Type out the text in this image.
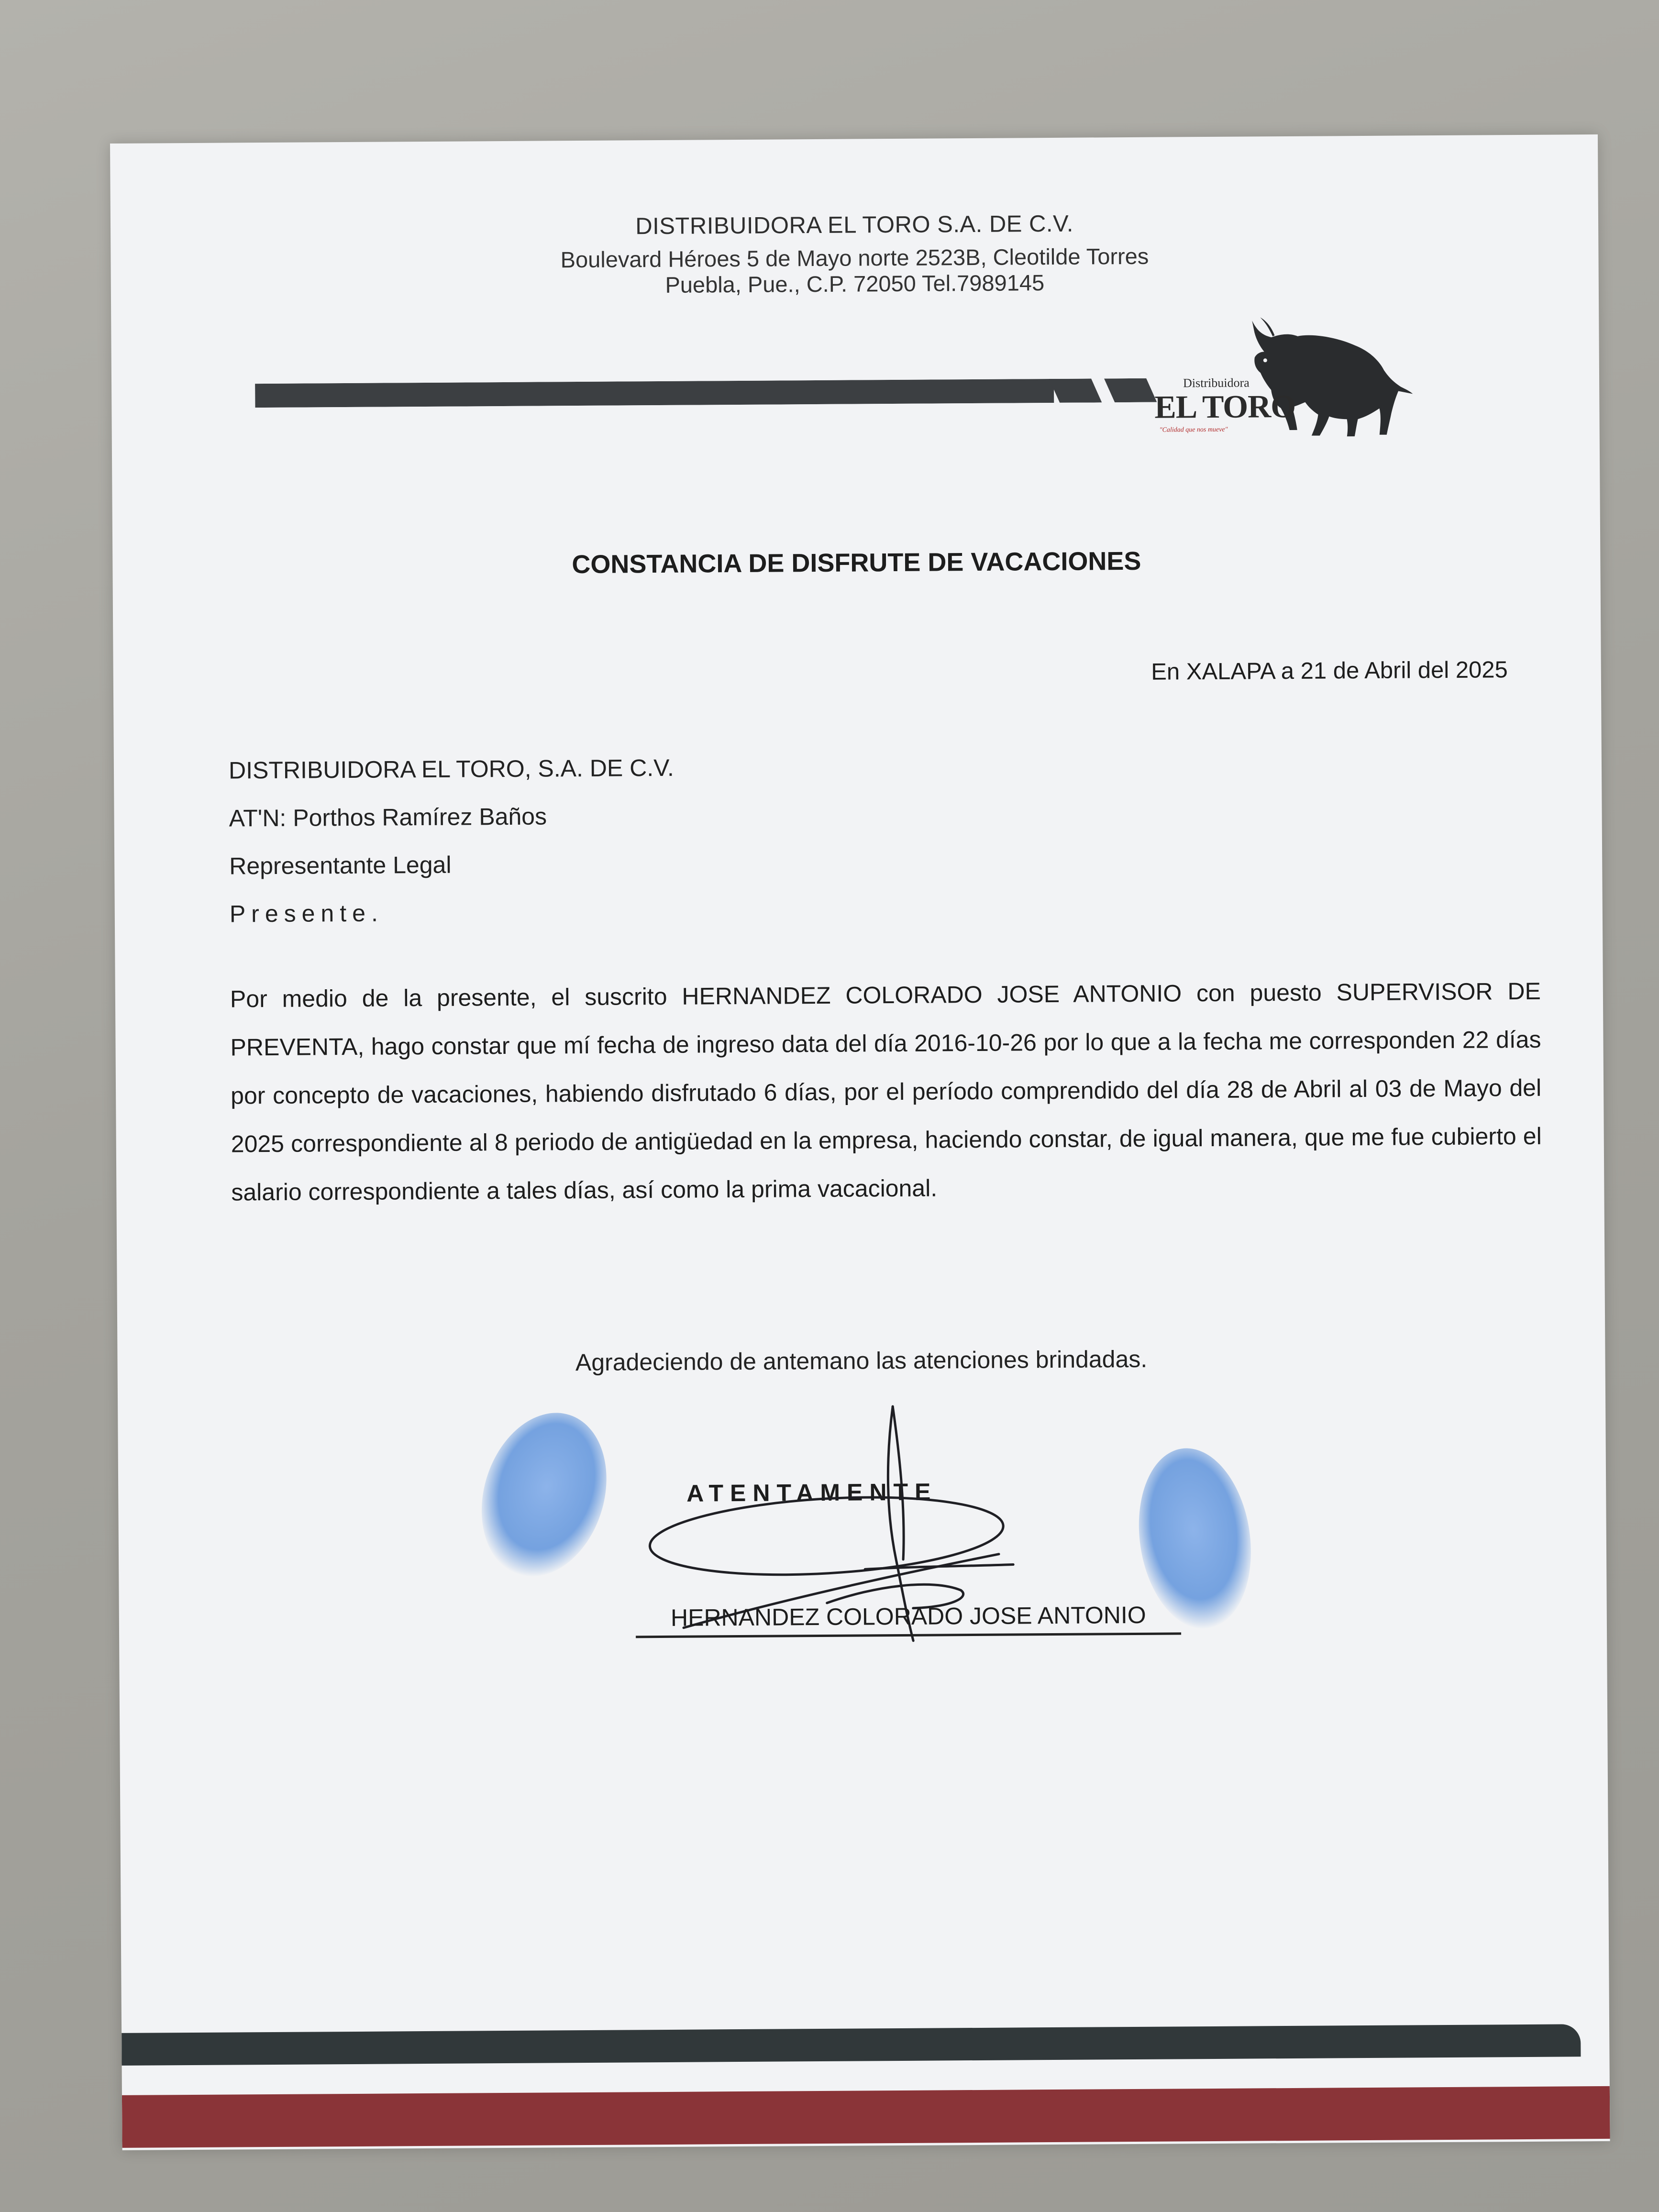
DISTRIBUIDORA EL TORO S.A. DE C.V.
Boulevard Héroes 5 de Mayo norte 2523B, Cleotilde Torres
Puebla, Pue., C.P. 72050 Tel.7989145
Distribuidora
EL TORO
"Calidad que nos mueve"
CONSTANCIA DE DISFRUTE DE VACACIONES
En XALAPA a 21 de Abril del 2025
DISTRIBUIDORA EL TORO, S.A. DE C.V.
AT'N: Porthos Ramírez Baños
Representante Legal
Presente.
Por medio de la presente, el suscrito HERNANDEZ COLORADO JOSE ANTONIO con puesto SUPERVISOR DE PREVENTA, hago constar que mí fecha de ingreso data del día 2016-10-26 por lo que a la fecha me corresponden 22 días por concepto de vacaciones, habiendo disfrutado 6 días, por el período comprendido del día 28 de Abril al 03 de Mayo del 2025 correspondiente al 8 periodo de antigüedad en la empresa, haciendo constar, de igual manera, que me fue cubierto el salario correspondiente a tales días, así como la prima vacacional.
Agradeciendo de antemano las atenciones brindadas.
ATENTAMENTE
HERNANDEZ COLORADO JOSE ANTONIO
